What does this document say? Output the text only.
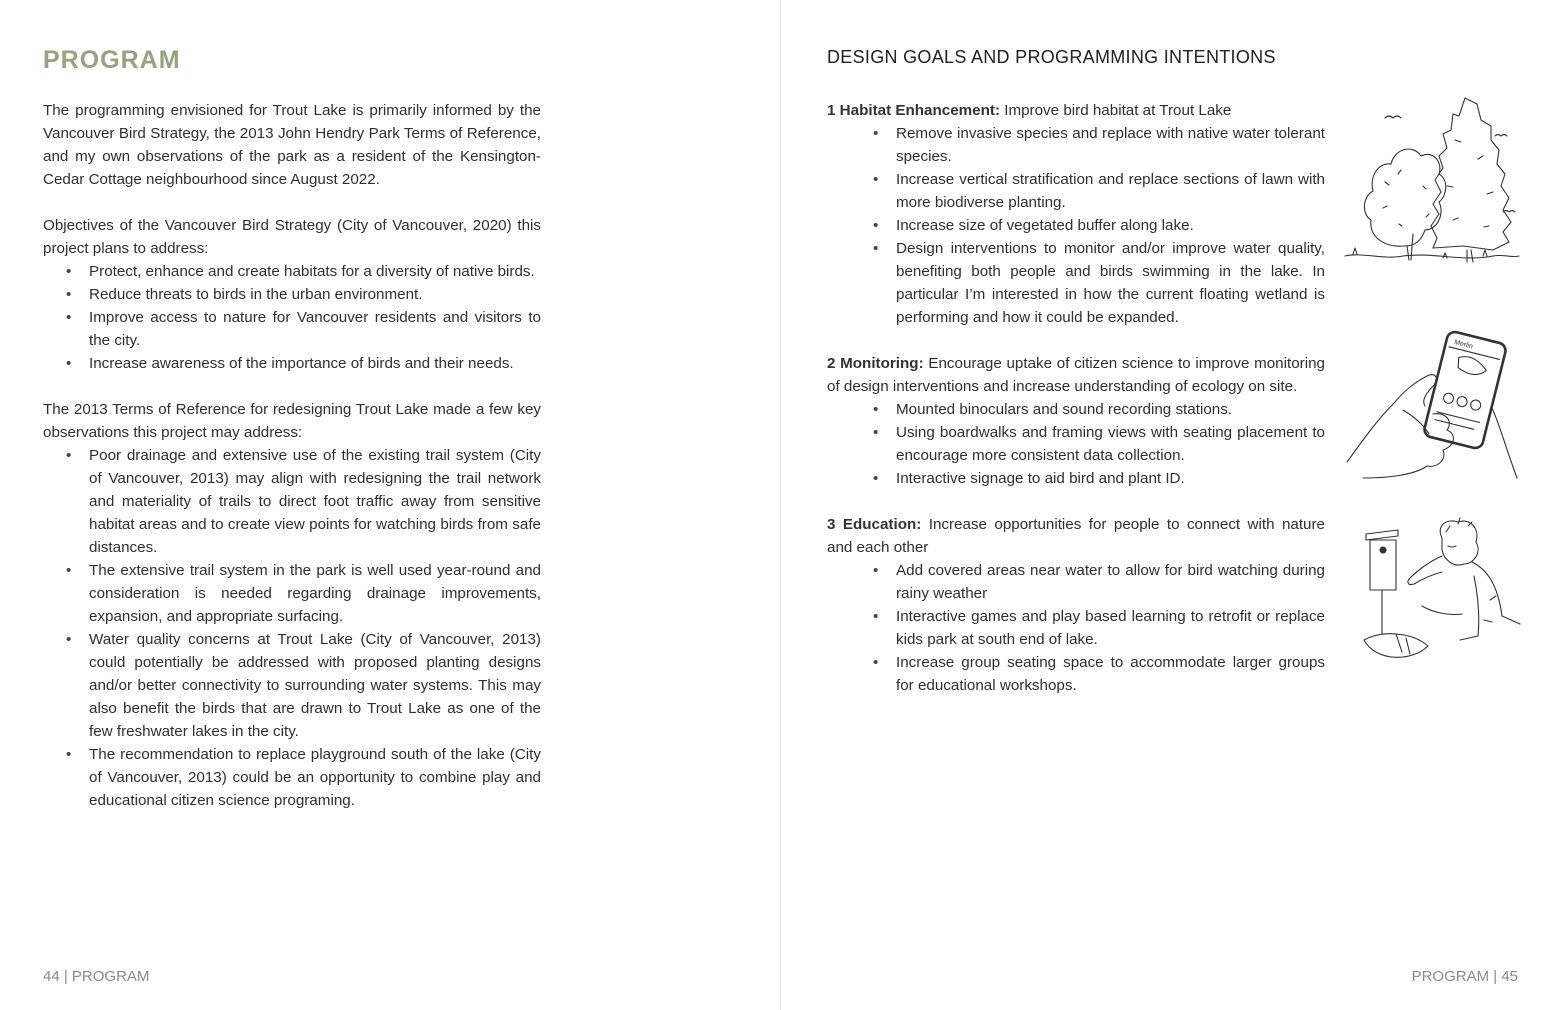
PROGRAM

The programming envisioned for Trout Lake is primarily informed by the Vancouver Bird Strategy, the 2013 John Hendry Park Terms of Reference, and my own observations of the park as a resident of the Kensington-Cedar Cottage neighbourhood since August 2022.

Objectives of the Vancouver Bird Strategy (City of Vancouver, 2020) this project plans to address:

• Protect, enhance and create habitats for a diversity of native birds.
• Reduce threats to birds in the urban environment.
• Improve access to nature for Vancouver residents and visitors to the city.
• Increase awareness of the importance of birds and their needs.

The 2013 Terms of Reference for redesigning Trout Lake made a few key observations this project may address:

• Poor drainage and extensive use of the existing trail system (City of Vancouver, 2013) may align with redesigning the trail network and materiality of trails to direct foot traffic away from sensitive habitat areas and to create view points for watching birds from safe distances.
• The extensive trail system in the park is well used year-round and consideration is needed regarding drainage improvements, expansion, and appropriate surfacing.
• Water quality concerns at Trout Lake (City of Vancouver, 2013) could potentially be addressed with proposed planting designs and/or better connectivity to surrounding water systems. This may also benefit the birds that are drawn to Trout Lake as one of the few freshwater lakes in the city.
• The recommendation to replace playground south of the lake (City of Vancouver, 2013) could be an opportunity to combine play and educational citizen science programing.
44 | PROGRAM
DESIGN GOALS AND PROGRAMMING INTENTIONS

1 Habitat Enhancement: Improve bird habitat at Trout Lake

• Remove invasive species and replace with native water tolerant species.
• Increase vertical stratification and replace sections of lawn with more biodiverse planting.
• Increase size of vegetated buffer along lake.
• Design interventions to monitor and/or improve water quality, benefiting both people and birds swimming in the lake. In particular I’m interested in how the current floating wetland is performing and how it could be expanded.

2 Monitoring: Encourage uptake of citizen science to improve monitoring of design interventions and increase understanding of ecology on site.

• Mounted binoculars and sound recording stations.
• Using boardwalks and framing views with seating placement to encourage more consistent data collection.
• Interactive signage to aid bird and plant ID.

3 Education: Increase opportunities for people to connect with nature and each other

• Add covered areas near water to allow for bird watching during rainy weather
• Interactive games and play based learning to retrofit or replace kids park at south end of lake.
• Increase group seating space to accommodate larger groups for educational workshops.
Merlin
PROGRAM | 45
